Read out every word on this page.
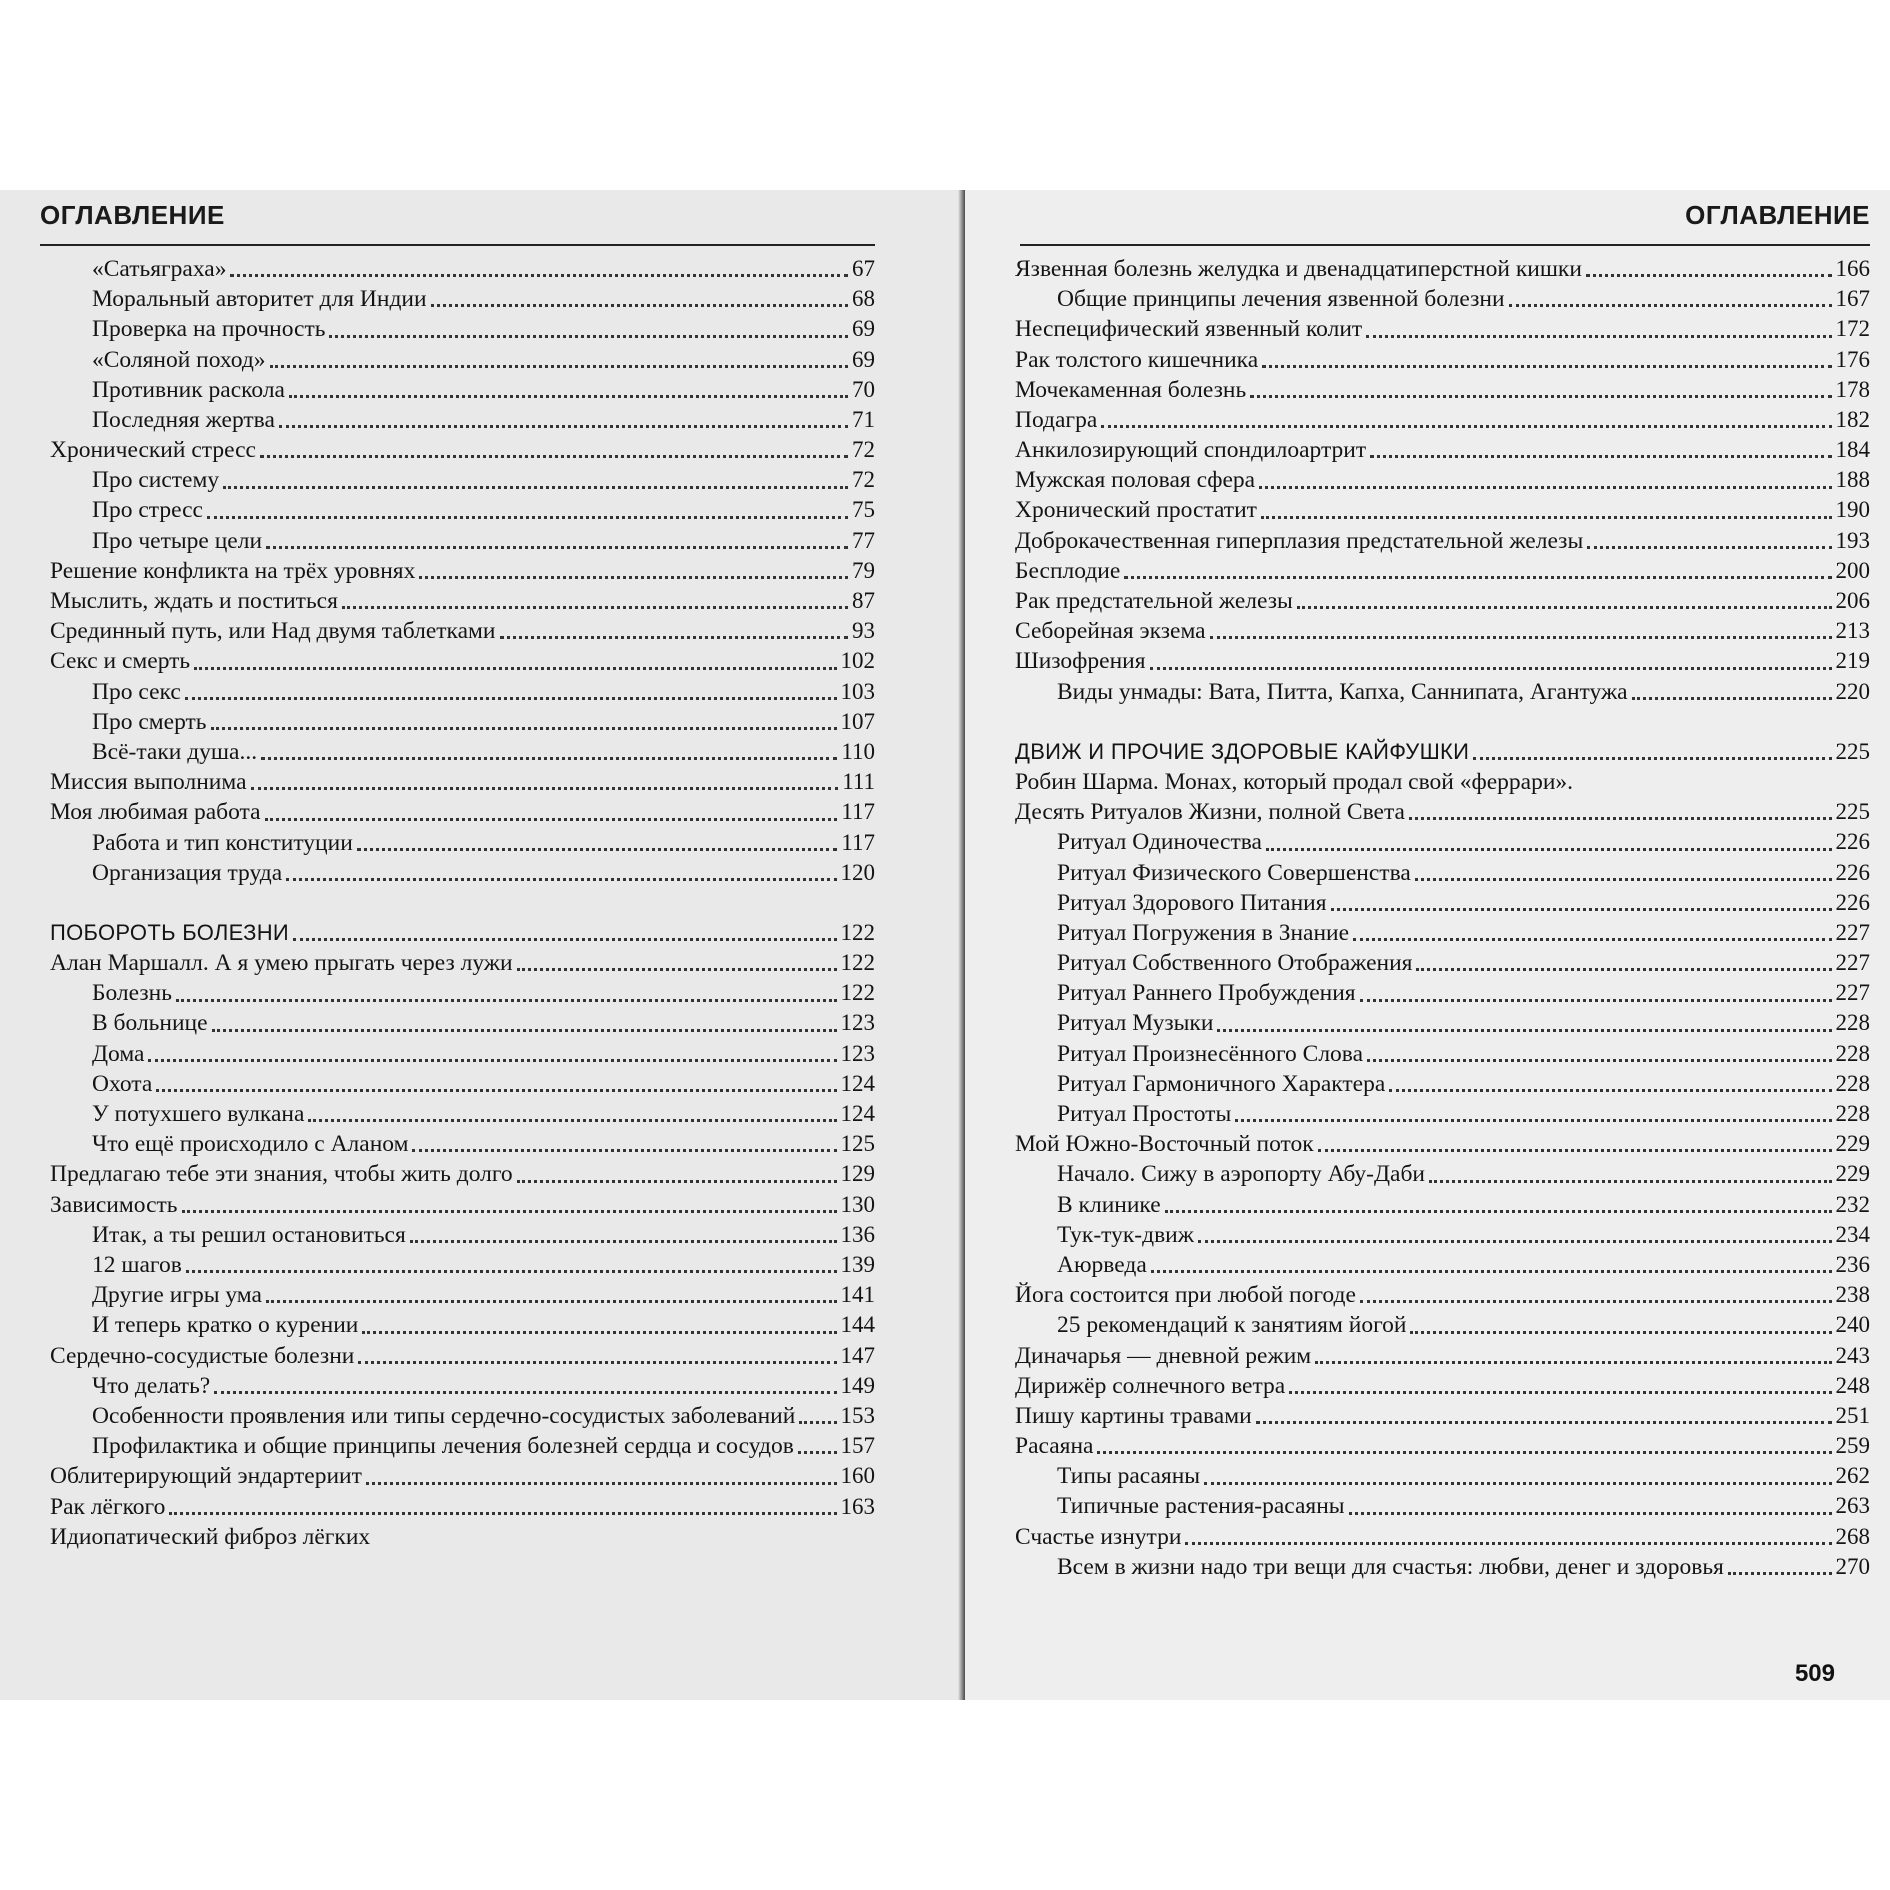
ОГЛАВЛЕНИЕ
«Сатьяграха»	67
Моральный авторитет для Индии	68
Проверка на прочность	69
«Соляной поход»	69
Противник раскола	70
Последняя жертва	71
Хронический стресс	72
Про систему	72
Про стресс	75
Про четыре цели	77
Решение конфликта на трёх уровнях	79
Мыслить, ждать и поститься	87
Срединный путь, или Над двумя таблетками	93
Секс и смерть	102
Про секс	103
Про смерть	107
Всё-таки душа...	110
Миссия выполнима	111
Моя любимая работа	117
Работа и тип конституции	117
Организация труда	120
ПОБОРОТЬ БОЛЕЗНИ	122
Алан Маршалл. А я умею прыгать через лужи	122
Болезнь	122
В больнице	123
Дома	123
Охота	124
У потухшего вулкана	124
Что ещё происходило с Аланом	125
Предлагаю тебе эти знания, чтобы жить долго	129
Зависимость	130
Итак, а ты решил остановиться	136
12 шагов	139
Другие игры ума	141
И теперь кратко о курении	144
Сердечно-сосудистые болезни	147
Что делать?	149
Особенности проявления или типы сердечно-сосудистых заболеваний 153
Профилактика и общие принципы лечения болезней сердца и сосудов 157
Облитерирующий эндартериит	160
Рак лёгкого	163
Идиопатический фиброз лёгких
ОГЛАВЛЕНИЕ
Язвенная болезнь желудка и двенадцатиперстной кишки	166
Общие принципы лечения язвенной болезни	167
Неспецифический язвенный колит	172
Рак толстого кишечника	176
Мочекаменная болезнь	178
Подагра	182
Анкилозирующий спондилоартрит	184
Мужская половая сфера	188
Хронический простатит	190
Доброкачественная гиперплазия предстательной железы	193
Бесплодие	200
Рак предстательной железы	206
Себорейная экзема	213
Шизофрения	219
Виды унмады: Вата, Питта, Капха, Саннипата, Агантужа	220
ДВИЖ И ПРОЧИЕ ЗДОРОВЫЕ КАЙФУШКИ	225
Робин Шарма. Монах, который продал свой «феррари».
Десять Ритуалов Жизни, полной Света	225
Ритуал Одиночества	226
Ритуал Физического Совершенства	226
Ритуал Здорового Питания	226
Ритуал Погружения в Знание	227
Ритуал Собственного Отображения	227
Ритуал Раннего Пробуждения	227
Ритуал Музыки	228
Ритуал Произнесённого Слова	228
Ритуал Гармоничного Характера	228
Ритуал Простоты	228
Мой Южно-Восточный поток	229
Начало. Сижу в аэропорту Абу-Даби	229
В клинике	232
Тук-тук-движ	234
Аюрведа	236
Йога состоится при любой погоде	238
25 рекомендаций к занятиям йогой	240
Диначарья — дневной режим	243
Дирижёр солнечного ветра	248
Пишу картины травами	251
Расаяна	259
Типы расаяны	262
Типичные растения-расаяны	263
Счастье изнутри	268
Всем в жизни надо три вещи для счастья: любви, денег и здоровья	270
509
